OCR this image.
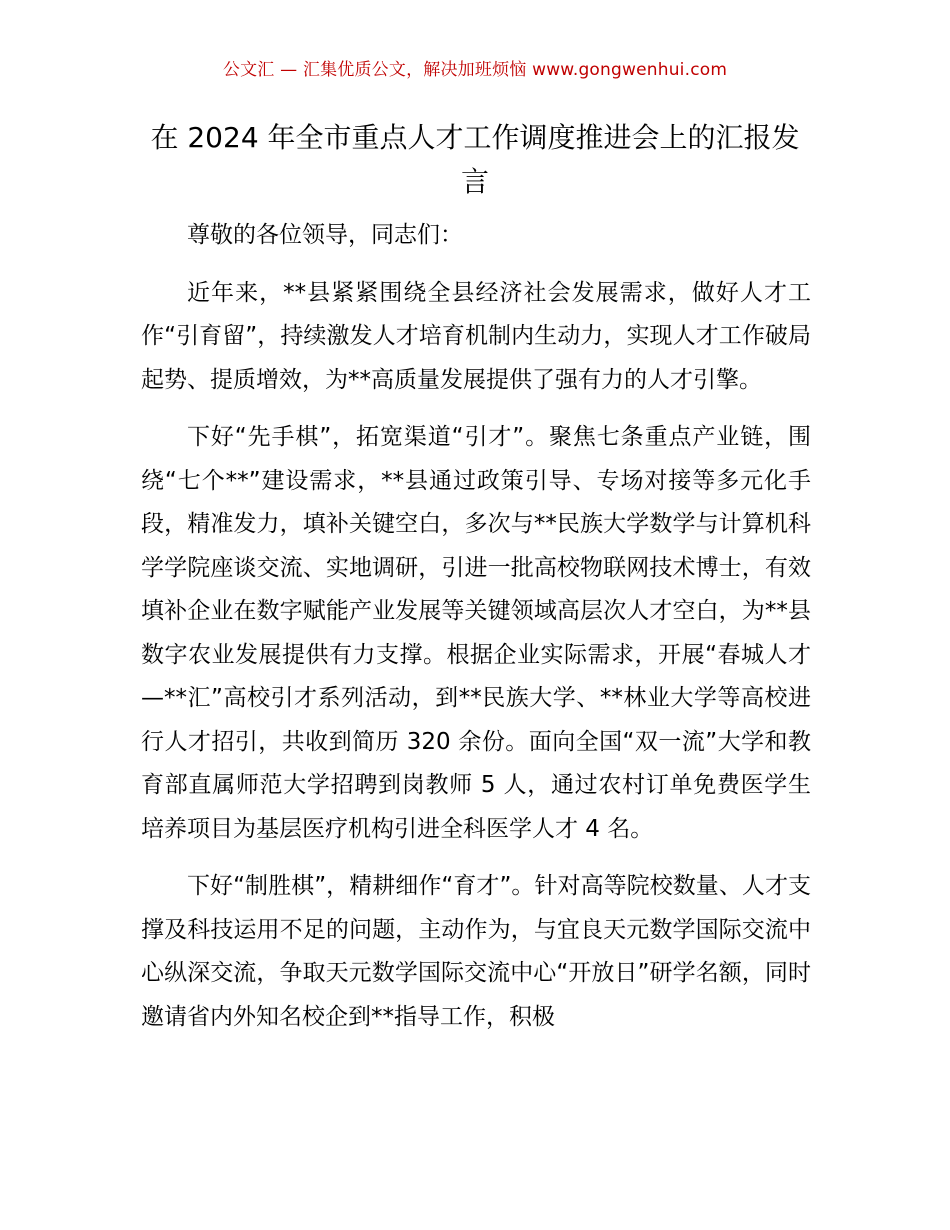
公文汇 — 汇集优质公文，解决加班烦恼 www.gongwenhui.com
在 2024 年全市重点人才工作调度推进会上的汇报发言

尊敬的各位领导，同志们：

近年来，**县紧紧围绕全县经济社会发展需求，做好人才工作“引育留”，持续激发人才培育机制内生动力，实现人才工作破局起势、提质增效，为**高质量发展提供了强有力的人才引擎。

下好“先手棋”，拓宽渠道“引才”。聚焦七条重点产业链，围绕“七个**”建设需求，**县通过政策引导、专场对接等多元化手段，精准发力，填补关键空白，多次与**民族大学数学与计算机科学学院座谈交流、实地调研，引进一批高校物联网技术博士，有效填补企业在数字赋能产业发展等关键领域高层次人才空白，为**县数字农业发展提供有力支撑。根据企业实际需求，开展“春城人才—**汇”高校引才系列活动，到**民族大学、**林业大学等高校进行人才招引，共收到简历 320 余份。面向全国“双一流”大学和教育部直属师范大学招聘到岗教师 5 人，通过农村订单免费医学生培养项目为基层医疗机构引进全科医学人才 4 名。

下好“制胜棋”，精耕细作“育才”。针对高等院校数量、人才支撑及科技运用不足的问题，主动作为，与宜良天元数学国际交流中心纵深交流，争取天元数学国际交流中心“开放日”研学名额，同时邀请省内外知名校企到**指导工作，积极
